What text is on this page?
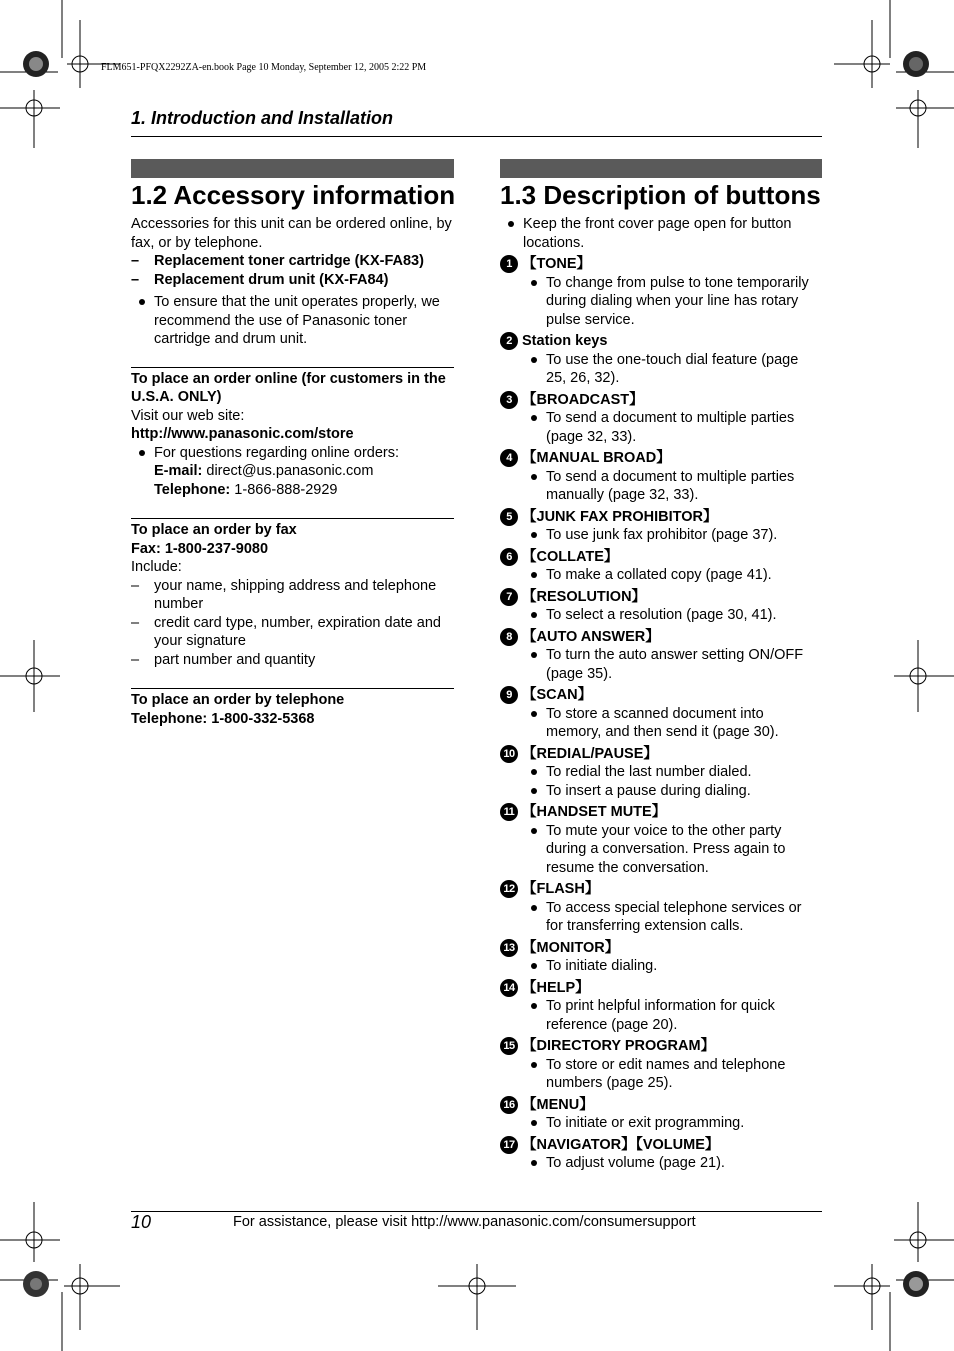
FLM651-PFQX2292ZA-en.book Page 10 Monday, September 12, 2005 2:22 PM
1. Introduction and Installation
1.2 Accessory information

Accessories for this unit can be ordered online, by fax, or by telephone.

– Replacement toner cartridge (KX-FA83)

– Replacement drum unit (KX-FA84)

To ensure that the unit operates properly, we recommend the use of Panasonic toner cartridge and drum unit.

To place an order online (for customers in the U.S.A. ONLY)

Visit our web site:

http://www.panasonic.com/store

For questions regarding online orders:

E-mail: direct@us.panasonic.com

Telephone: 1-866-888-2929

To place an order by fax

Fax: 1-800-237-9080

Include:

– your name, shipping address and telephone number

– credit card type, number, expiration date and your signature

– part number and quantity

To place an order by telephone

Telephone: 1-800-332-5368

1.3 Description of buttons

Keep the front cover page open for button locations.

1 【TONE】

To change from pulse to tone temporarily during dialing when your line has rotary pulse service.

2 Station keys

To use the one-touch dial feature (page 25, 26, 32).

3 【BROADCAST】

To send a document to multiple parties (page 32, 33).

4 【MANUAL BROAD】

To send a document to multiple parties manually (page 32, 33).

5 【JUNK FAX PROHIBITOR】

To use junk fax prohibitor (page 37).

6 【COLLATE】

To make a collated copy (page 41).

7 【RESOLUTION】

To select a resolution (page 30, 41).

8 【AUTO ANSWER】

To turn the auto answer setting ON/OFF (page 35).

9 【SCAN】

To store a scanned document into memory, and then send it (page 30).

10 【REDIAL/PAUSE】

To redial the last number dialed.

To insert a pause during dialing.

11 【HANDSET MUTE】

To mute your voice to the other party during a conversation. Press again to resume the conversation.

12 【FLASH】

To access special telephone services or for transferring extension calls.

13 【MONITOR】

To initiate dialing.

14 【HELP】

To print helpful information for quick reference (page 20).

15 【DIRECTORY PROGRAM】

To store or edit names and telephone numbers (page 25).

16 【MENU】

To initiate or exit programming.

17 【NAVIGATOR】【VOLUME】

To adjust volume (page 21).

10	For assistance, please visit http://www.panasonic.com/consumersupport
